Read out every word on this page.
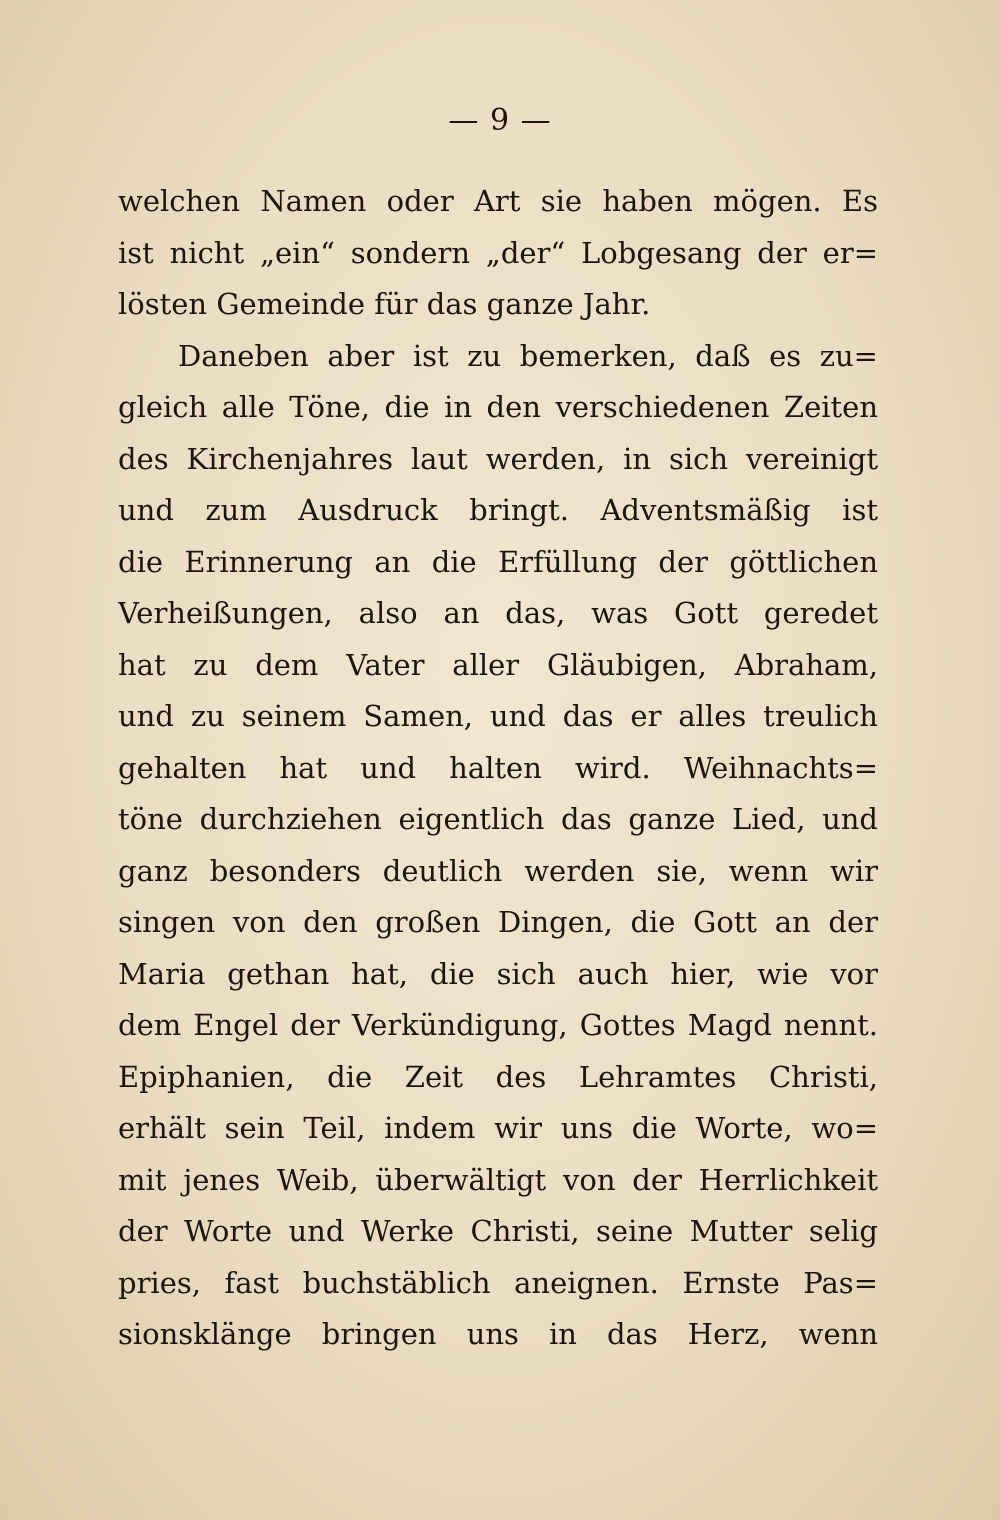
— 9 —
welchen Namen oder Art sie haben mögen. Es
ist nicht „ein“ sondern „der“ Lobgesang der er=
lösten Gemeinde für das ganze Jahr.
Daneben aber ist zu bemerken, daß es zu=
gleich alle Töne, die in den verschiedenen Zeiten
des Kirchenjahres laut werden, in sich vereinigt
und zum Ausdruck bringt. Adventsmäßig ist
die Erinnerung an die Erfüllung der göttlichen
Verheißungen, also an das, was Gott geredet
hat zu dem Vater aller Gläubigen, Abraham,
und zu seinem Samen, und das er alles treulich
gehalten hat und halten wird. Weihnachts=
töne durchziehen eigentlich das ganze Lied, und
ganz besonders deutlich werden sie, wenn wir
singen von den großen Dingen, die Gott an der
Maria gethan hat, die sich auch hier, wie vor
dem Engel der Verkündigung, Gottes Magd nennt.
Epiphanien, die Zeit des Lehramtes Christi,
erhält sein Teil, indem wir uns die Worte, wo=
mit jenes Weib, überwältigt von der Herrlichkeit
der Worte und Werke Christi, seine Mutter selig
pries, fast buchstäblich aneignen. Ernste Pas=
sionsklänge bringen uns in das Herz, wenn
